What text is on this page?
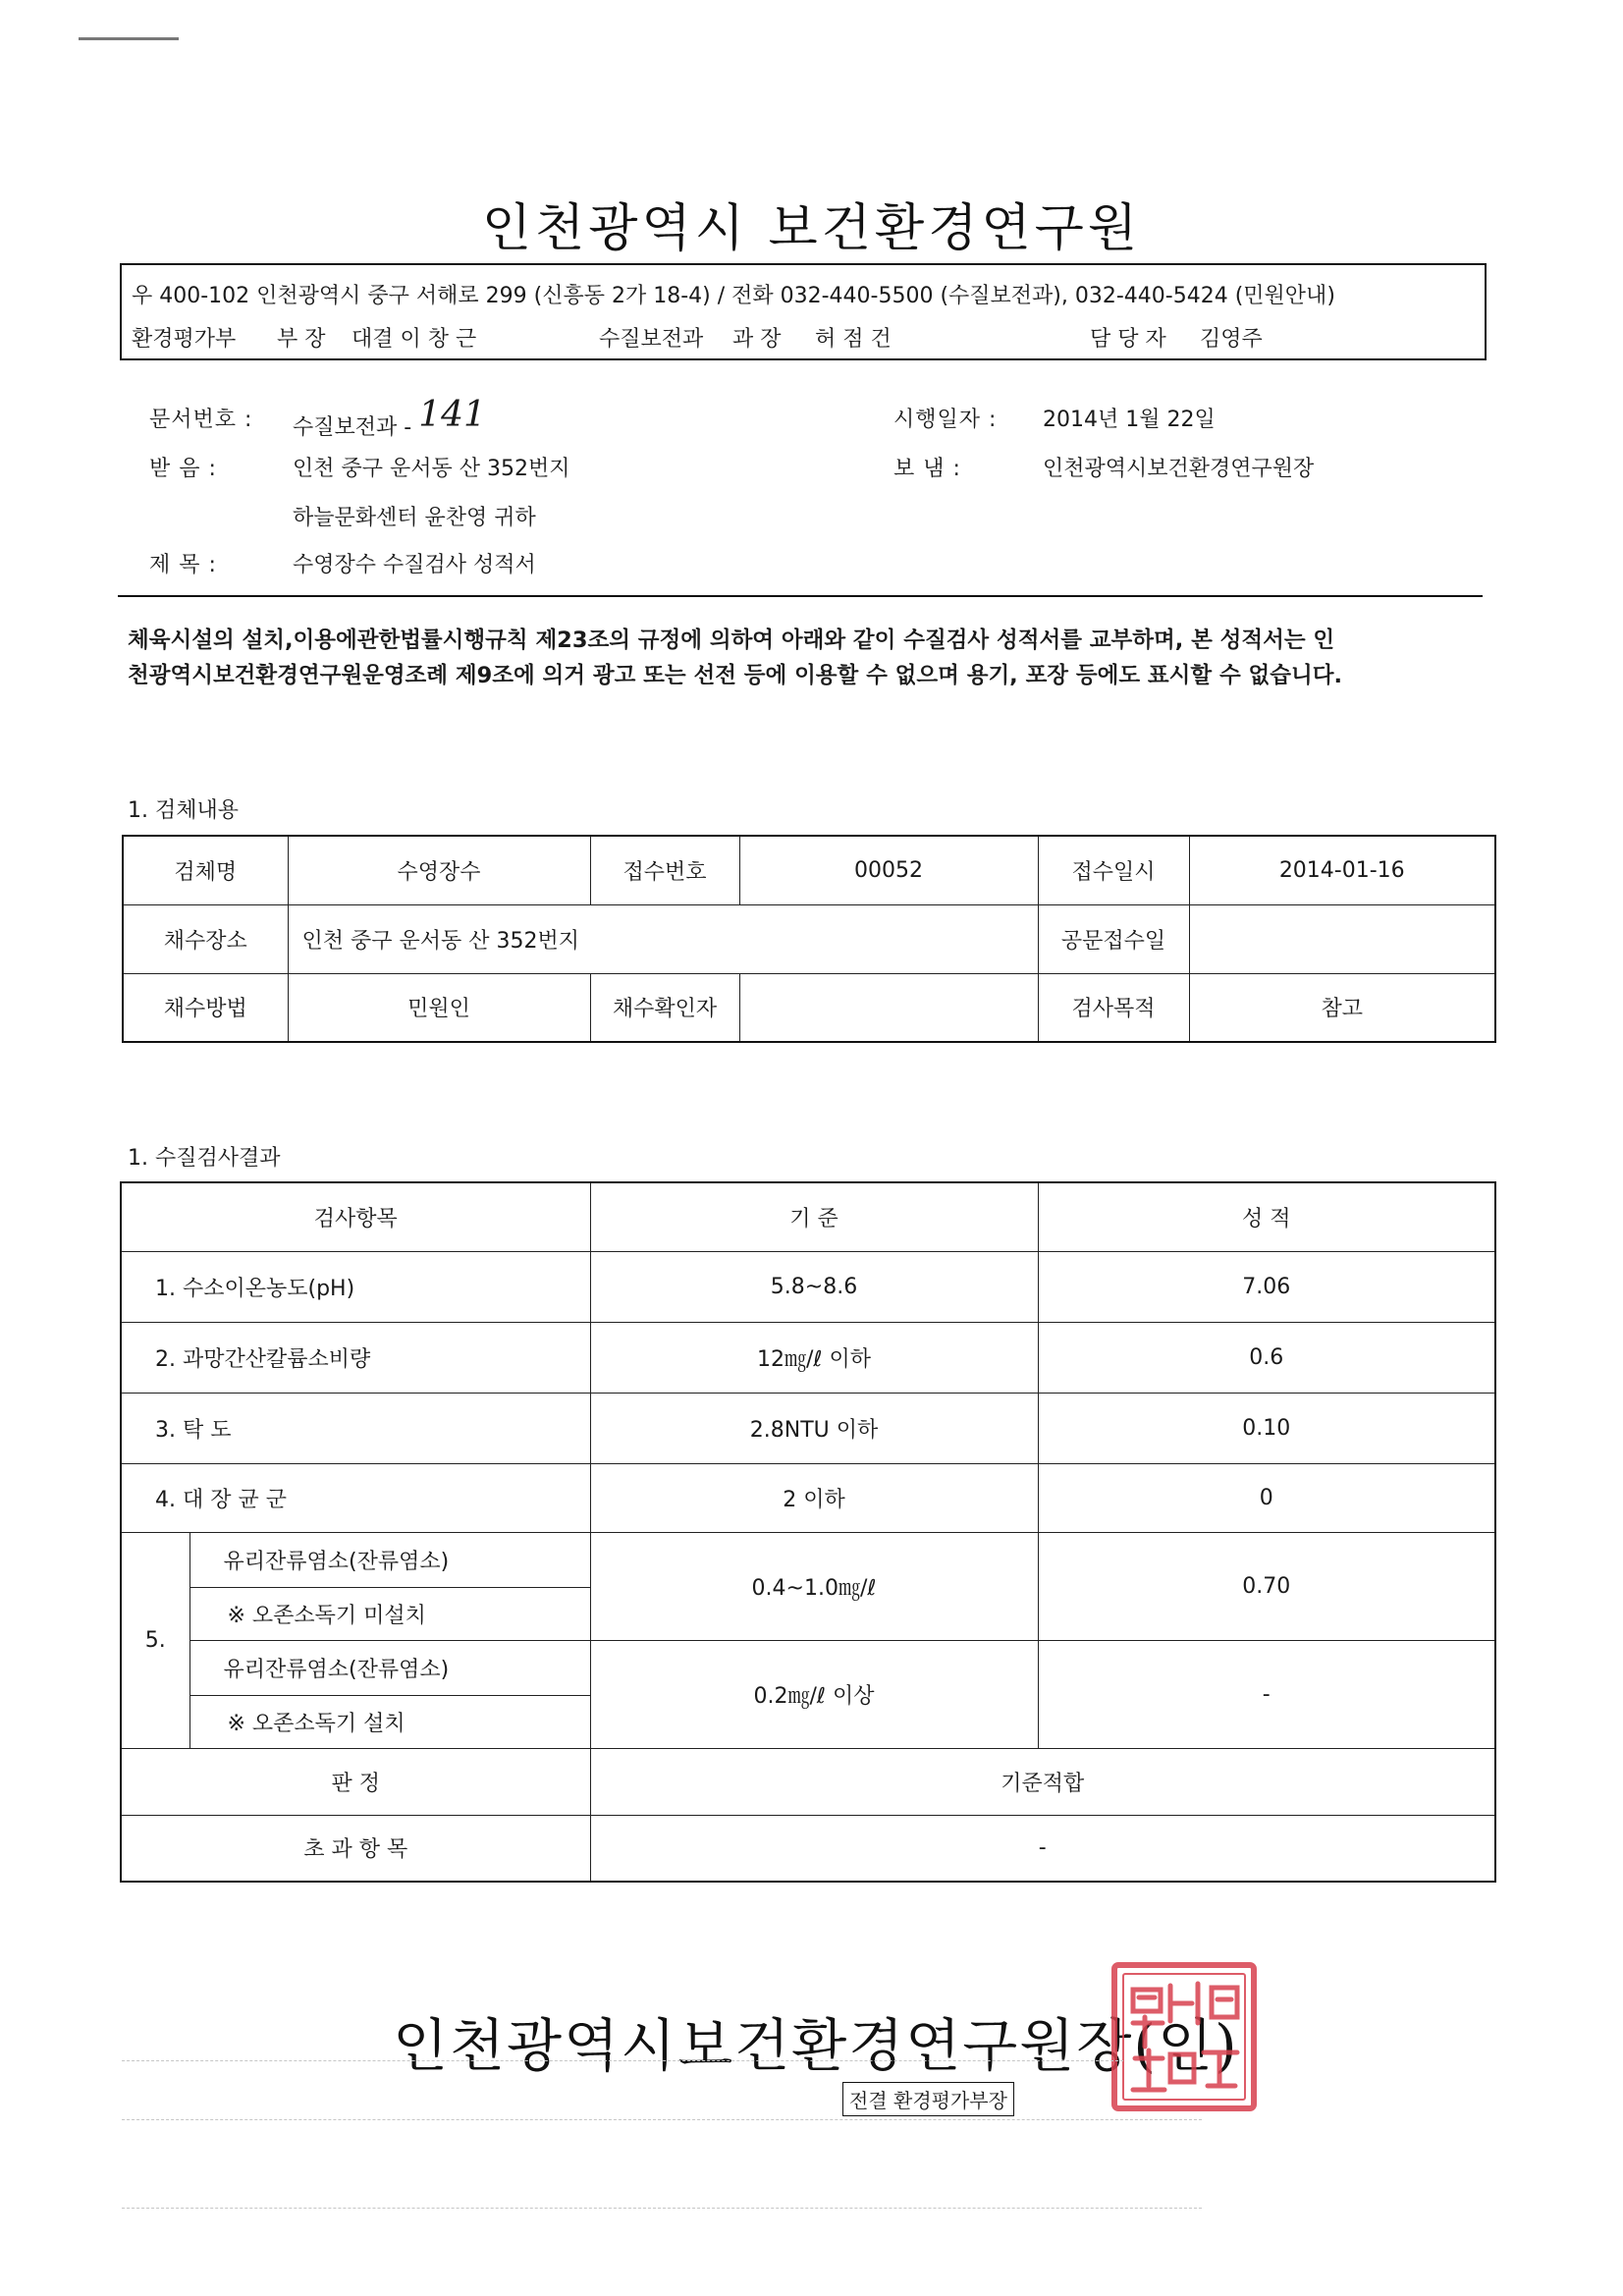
인천광역시 보건환경연구원
우 400-102 인천광역시 중구 서해로 299 (신흥동 2가 18-4) / 전화 032-440-5500 (수질보전과), 032-440-5424 (민원안내)
환경평가부 부 장 대결 이 창 근	수질보전과 과 장 허 점 건	담 당 자 김영주
문서번호 : 수질보전과 - 141	시행일자 : 2014년 1월 22일
받 음 :	인천 중구 운서동 산 352번지	보 냄 :	인천광역시보건환경연구원장
하늘문화센터 윤찬영 귀하
제 목 :	수영장수 수질검사 성적서
체육시설의 설치,이용에관한법률시행규칙 제23조의 규정에 의하여 아래와 같이 수질검사 성적서를 교부하며, 본 성적서는 인
천광역시보건환경연구원운영조례 제9조에 의거 광고 또는 선전 등에 이용할 수 없으며 용기, 포장 등에도 표시할 수 없습니다.
1. 검체내용
검체명	수영장수	접수번호	00052	접수일시	2014-01-16
채수장소	인천 중구 운서동 산 352번지			공문접수일	
채수방법	민원인	채수확인자		검사목적	참고
1. 수질검사결과
검사항목		기 준	성 적
1. 수소이온농도(pH)		5.8~8.6	7.06
2. 과망간산칼륨소비량		12㎎/ℓ 이하	0.6
3. 탁 도		2.8NTU 이하	0.10
4. 대 장 균 군		2 이하	0
5.	유리잔류염소(잔류염소)	0.4~1.0㎎/ℓ	0.70
	※ 오존소독기 미설치		
	유리잔류염소(잔류염소)	0.2㎎/ℓ 이상	-
	※ 오존소독기 설치		
판 정		기준적합	
초 과 항 목		-	
인천광역시보건환경연구원장(인)
전결 환경평가부장
